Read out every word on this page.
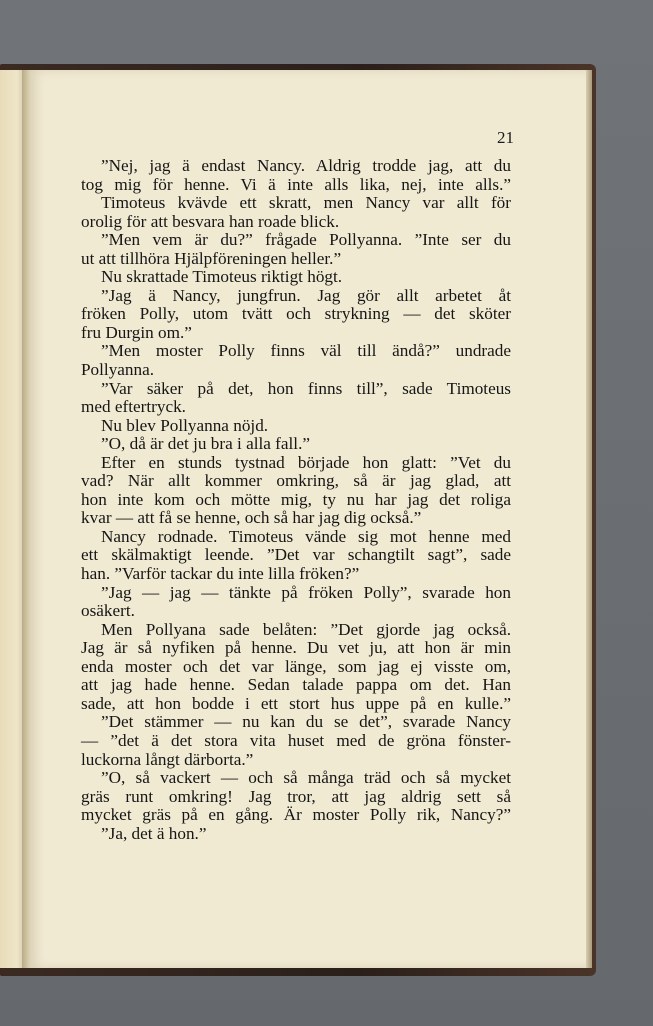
21
”Nej, jag ä endast Nancy. Aldrig trodde jag, att du
tog mig för henne. Vi ä inte alls lika, nej, inte alls.”
Timoteus kvävde ett skratt, men Nancy var allt för
orolig för att besvara han roade blick.
”Men vem är du?” frågade Pollyanna. ”Inte ser du
ut att tillhöra Hjälpföreningen heller.”
Nu skrattade Timoteus riktigt högt.
”Jag ä Nancy, jungfrun. Jag gör allt arbetet åt
fröken Polly, utom tvätt och strykning — det sköter
fru Durgin om.”
”Men moster Polly finns väl till ändå?” undrade
Pollyanna.
”Var säker på det, hon finns till”, sade Timoteus
med eftertryck.
Nu blev Pollyanna nöjd.
”O, då är det ju bra i alla fall.”
Efter en stunds tystnad började hon glatt: ”Vet du
vad? När allt kommer omkring, så är jag glad, att
hon inte kom och mötte mig, ty nu har jag det roliga
kvar — att få se henne, och så har jag dig också.”
Nancy rodnade. Timoteus vände sig mot henne med
ett skälmaktigt leende. ”Det var schangtilt sagt”, sade
han. ”Varför tackar du inte lilla fröken?”
”Jag — jag — tänkte på fröken Polly”, svarade hon
osäkert.
Men Pollyana sade belåten: ”Det gjorde jag också.
Jag är så nyfiken på henne. Du vet ju, att hon är min
enda moster och det var länge, som jag ej visste om,
att jag hade henne. Sedan talade pappa om det. Han
sade, att hon bodde i ett stort hus uppe på en kulle.”
”Det stämmer — nu kan du se det”, svarade Nancy
— ”det ä det stora vita huset med de gröna fönster-
luckorna långt därborta.”
”O, så vackert — och så många träd och så mycket
gräs runt omkring! Jag tror, att jag aldrig sett så
mycket gräs på en gång. Är moster Polly rik, Nancy?”
”Ja, det ä hon.”
